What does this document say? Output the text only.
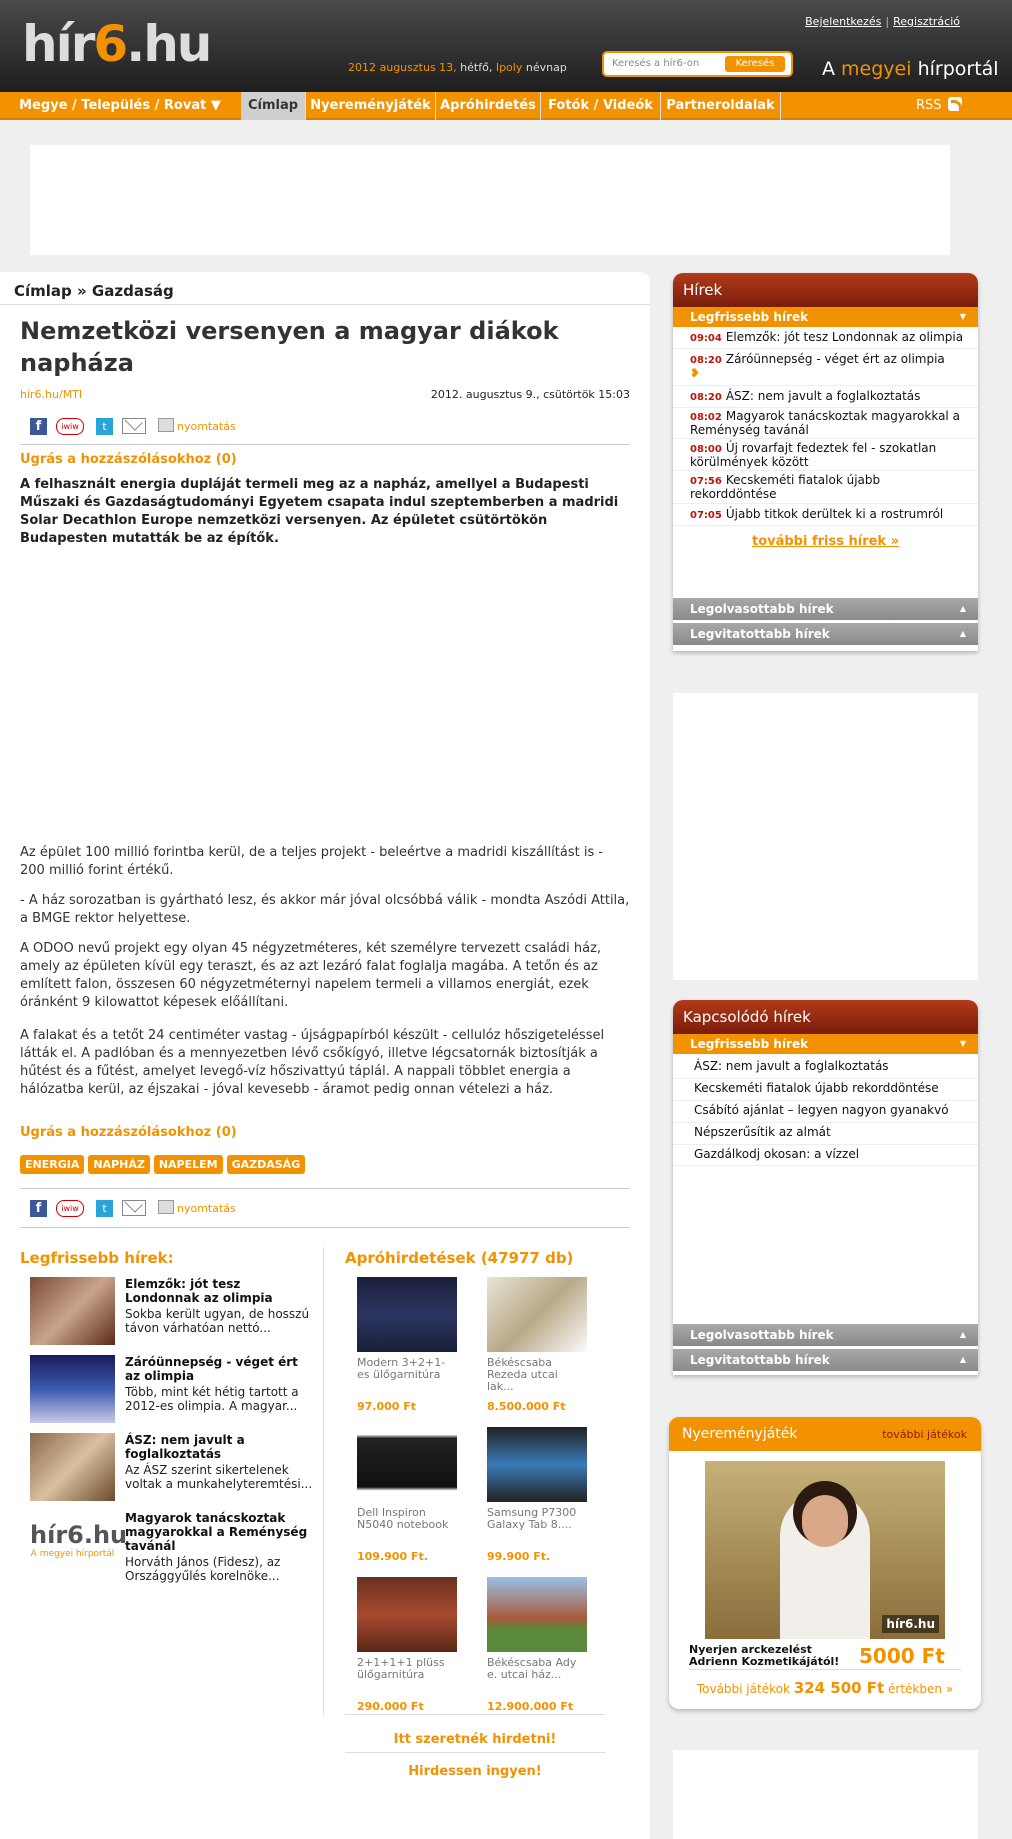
hír6.hu	Bejelentkezés | Regisztráció
2012 augusztus 13, hétfő, Ipoly névnap	Keresés a hír6-on	Keresés	A megyei hírportál
Megye / Település / Rovat ▼	Címlap Nyereményjáték Apróhirdetés Fotók / Videók	Partneroldalak	RSS
Címlap » Gazdaság
Nemzetközi versenyen a magyar diákok napháza
hír6.hu/MTI	2012. augusztus 9., csütörtök 15:03
f	iwiw	t	nyomtatás
Ugrás a hozzászólásokhoz (0)
A felhasznált energia dupláját termeli meg az a napház, amellyel a Budapesti Műszaki és Gazdaságtudományi Egyetem csapata indul szeptemberben a madridi Solar Decathlon Europe nemzetközi versenyen. Az épületet csütörtökön Budapesten mutatták be az építők.
Az épület 100 millió forintba kerül, de a teljes projekt - beleértve a madridi kiszállítást is - 200 millió forint értékű.
- A ház sorozatban is gyártható lesz, és akkor már jóval olcsóbbá válik - mondta Aszódi Attila, a BMGE rektor helyettese.
A ODOO nevű projekt egy olyan 45 négyzetméteres, két személyre tervezett családi ház, amely az épületen kívül egy teraszt, és az azt lezáró falat foglalja magába. A tetőn és az említett falon, összesen 60 négyzetméternyi napelem termeli a villamos energiát, ezek óránként 9 kilowattot képesek előállítani.
A falakat és a tetőt 24 centiméter vastag - újságpapírból készült - cellulóz hőszigeteléssel látták el. A padlóban és a mennyezetben lévő csőkígyó, illetve légcsatornák biztosítják a hűtést és a fűtést, amelyet levegő-víz hőszivattyú táplál. A nappali többlet energia a hálózatba kerül, az éjszakai - jóval kevesebb - áramot pedig onnan vételezi a ház.
Ugrás a hozzászólásokhoz (0)
ENERGIA NAPHÁZ NAPELEM GAZDASÁG
f	iwiw	t	nyomtatás
Legfrissebb hírek:
Elemzők: jót tesz Londonnak az olimpia
Sokba került ugyan, de hosszú távon várhatóan nettó...
Záróünnepség - véget ért az olimpia
Több, mint két hétig tartott a 2012-es olimpia. A magyar...
ÁSZ: nem javult a foglalkoztatás
Az ÁSZ szerint sikertelenek voltak a munkahelyteremtési...
hír6.hu
A megyei hírportál
Magyarok tanácskoztak magyarokkal a Reménység tavánál
Horváth János (Fidesz), az Országgyűlés korelnöke...
Apróhirdetések (47977 db)
Modern 3+2+1-es ülőgarnitúra
97.000 Ft
Békéscsaba Rezeda utcai lak...
8.500.000 Ft
Dell Inspiron N5040 notebook
109.900 Ft.
Samsung P7300 Galaxy Tab 8....
99.900 Ft.
2+1+1+1 plüss ülőgarnitúra
290.000 Ft
Békéscsaba Ady e. utcai ház...
12.900.000 Ft
Itt szeretnék hirdetni!
Hirdessen ingyen!
Hírek
Legfrissebb hírek	▼
09:04 Elemzők: jót tesz Londonnak az olimpia
08:20 Záróünnepség - véget ért az olimpia
❥
08:20 ÁSZ: nem javult a foglalkoztatás
08:02 Magyarok tanácskoztak magyarokkal a Reménység tavánál
08:00 Új rovarfajt fedeztek fel - szokatlan körülmények között
07:56 Kecskeméti fiatalok újabb rekorddöntése
07:05 Újabb titkok derültek ki a rostrumról
további friss hírek »
Legolvasottabb hírek	▲
Legvitatottabb hírek	▲
Kapcsolódó hírek
Legfrissebb hírek	▼
ÁSZ: nem javult a foglalkoztatás
Kecskeméti fiatalok újabb rekorddöntése
Csábító ajánlat – legyen nagyon gyanakvó
Népszerűsítik az almát
Gazdálkodj okosan: a vízzel
Legolvasottabb hírek	▲
Legvitatottabb hírek	▲
Nyereményjáték	további játékok
hír6.hu
Nyerjen arckezelést Adrienn Kozmetikájától! 5000 Ft
További játékok 324 500 Ft értékben »
